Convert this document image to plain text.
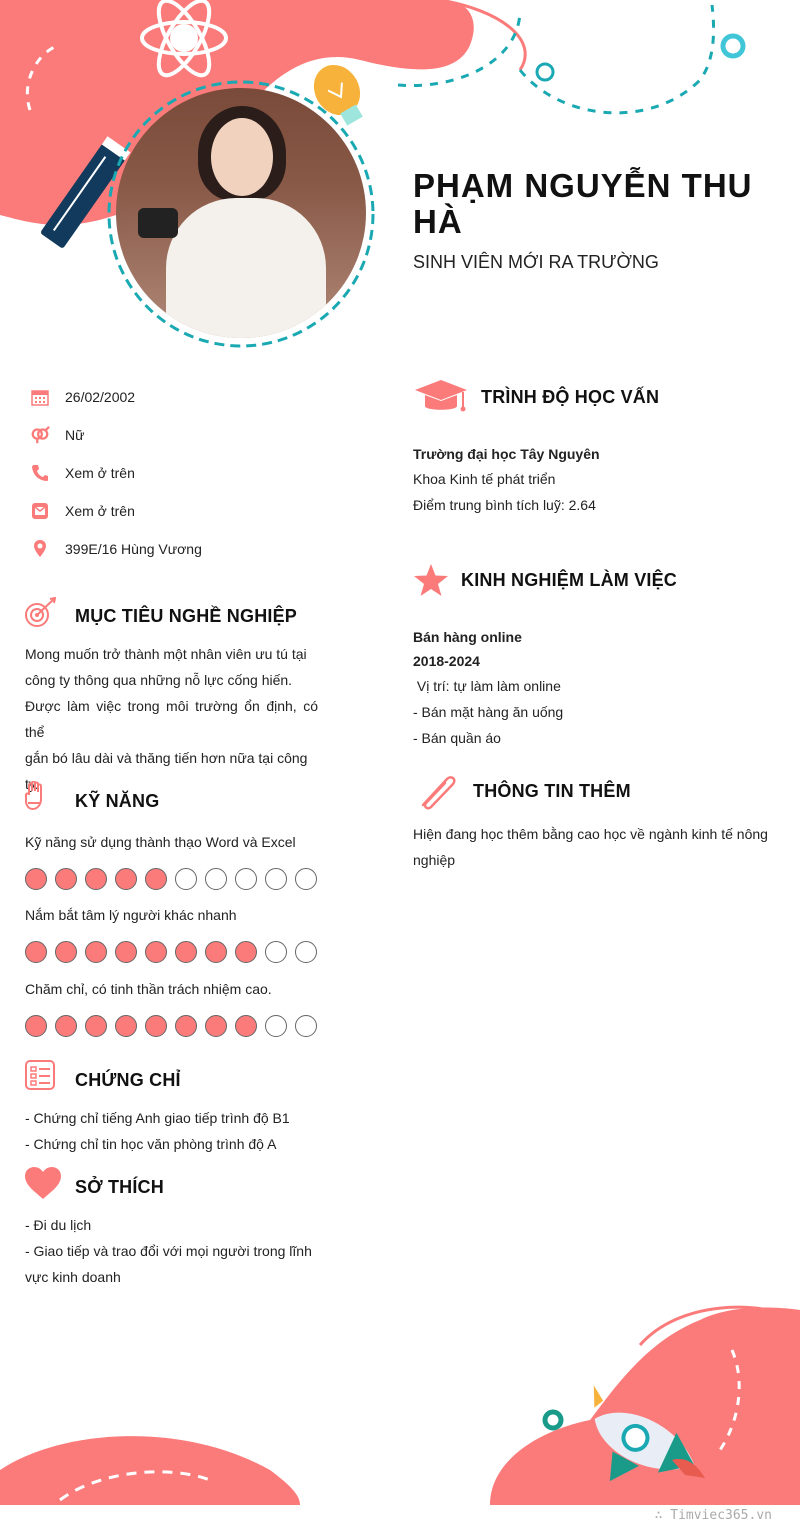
PHẠM NGUYỄN THU HÀ
SINH VIÊN MỚI RA TRƯỜNG
26/02/2002
Nữ
Xem ở trên
Xem ở trên
399E/16 Hùng Vương
MỤC TIÊU NGHỀ NGHIỆP
Mong muốn trở thành một nhân viên ưu tú tại
công ty thông qua những nỗ lực cống hiến.
Được làm việc trong môi trường ổn định, có thể
gắn bó lâu dài và thăng tiến hơn nữa tại công
ty.
KỸ NĂNG
Kỹ năng sử dụng thành thạo Word và Excel
Nắm bắt tâm lý người khác nhanh
Chăm chỉ, có tinh thần trách nhiệm cao.
CHỨNG CHỈ
- Chứng chỉ tiếng Anh giao tiếp trình độ B1
- Chứng chỉ tin học văn phòng trình độ A
SỞ THÍCH
- Đi du lịch
- Giao tiếp và trao đổi với mọi người trong lĩnh
vực kinh doanh
TRÌNH ĐỘ HỌC VẤN
Trường đại học Tây Nguyên
Khoa Kinh tế phát triển
Điểm trung bình tích luỹ: 2.64
KINH NGHIỆM LÀM VIỆC
Bán hàng online
2018-2024
Vị trí: tự làm làm online
- Bán mặt hàng ăn uống
- Bán quần áo
THÔNG TIN THÊM
Hiện đang học thêm bằng cao học về ngành kinh tế nông
nghiệp
∴ Timviec365.vn
